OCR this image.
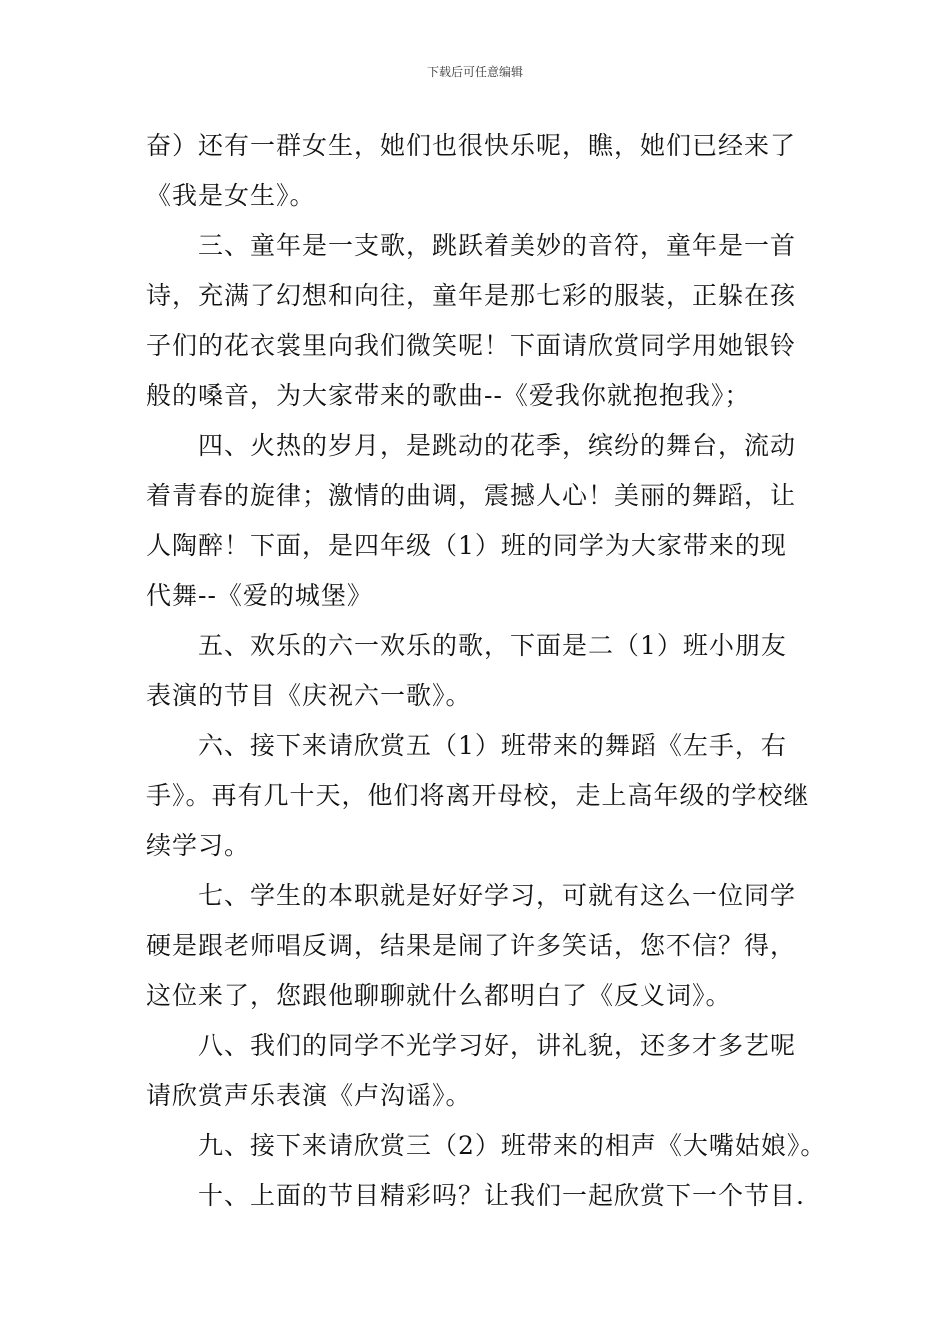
下载后可任意编辑

奋）还有一群女生，她们也很快乐呢，瞧，她们已经来了《我是女生》。

三、童年是一支歌，跳跃着美妙的音符，童年是一首诗，充满了幻想和向往，童年是那七彩的服装，正躲在孩子们的花衣裳里向我们微笑呢！下面请欣赏同学用她银铃般的嗓音，为大家带来的歌曲--《爱我你就抱抱我》；

四、火热的岁月，是跳动的花季，缤纷的舞台，流动着青春的旋律；激情的曲调，震撼人心！美丽的舞蹈，让人陶醉！下面，是四年级（1）班的同学为大家带来的现代舞--《爱的城堡》

五、欢乐的六一欢乐的歌，下面是二（1）班小朋友表演的节目《庆祝六一歌》。

六、接下来请欣赏五（1）班带来的舞蹈《左手，右手》。再有几十天，他们将离开母校，走上高年级的学校继续学习。

七、学生的本职就是好好学习，可就有这么一位同学硬是跟老师唱反调，结果是闹了许多笑话，您不信？得，这位来了，您跟他聊聊就什么都明白了《反义词》。

八、我们的同学不光学习好，讲礼貌，还多才多艺呢请欣赏声乐表演《卢沟谣》。

九、接下来请欣赏三（2）班带来的相声《大嘴姑娘》。

十、上面的节目精彩吗？让我们一起欣赏下一个节目.
